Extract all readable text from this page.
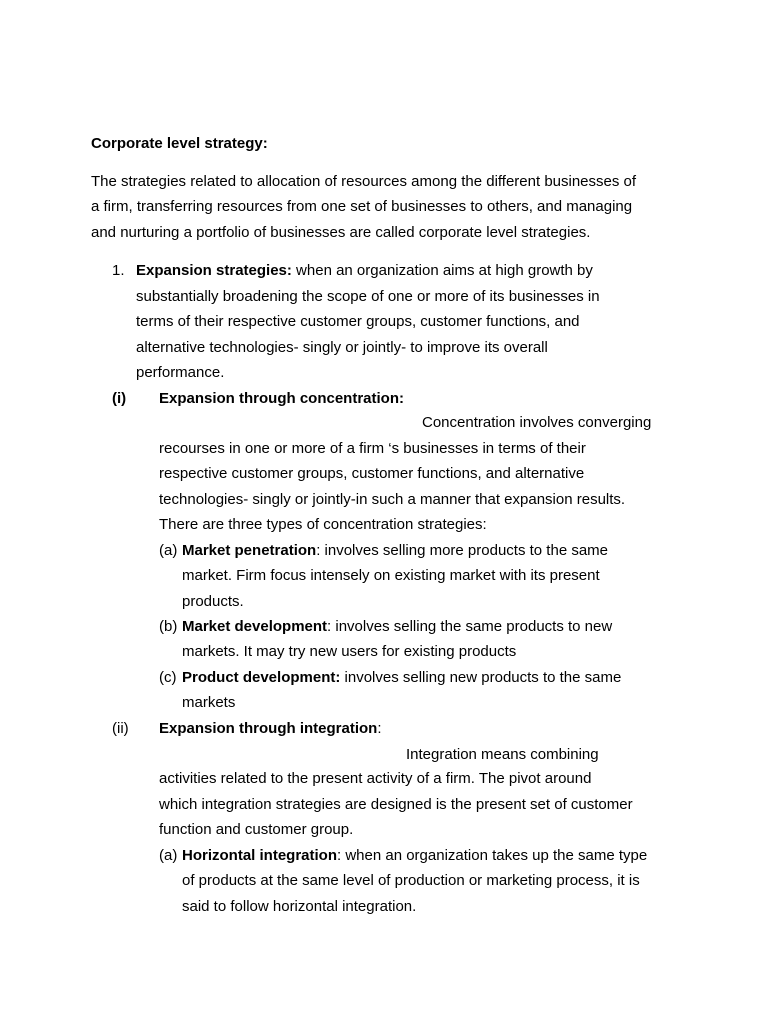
Corporate level strategy:
The strategies related to allocation of resources among the different businesses of
a firm, transferring resources from one set of businesses to others, and managing
and nurturing a portfolio of businesses are called corporate level strategies.
1. Expansion strategies: when an organization aims at high growth by
substantially broadening the scope of one or more of its businesses in
terms of their respective customer groups, customer functions, and
alternative technologies- singly or jointly- to improve its overall
performance.
(i) Expansion through concentration:
Concentration involves converging
recourses in one or more of a firm ‘s businesses in terms of their
respective customer groups, customer functions, and alternative
technologies- singly or jointly-in such a manner that expansion results.
There are three types of concentration strategies:
(a) Market penetration: involves selling more products to the same
market. Firm focus intensely on existing market with its present
products.
(b) Market development: involves selling the same products to new
markets. It may try new users for existing products
(c) Product development: involves selling new products to the same
markets
(ii) Expansion through integration:
Integration means combining
activities related to the present activity of a firm. The pivot around
which integration strategies are designed is the present set of customer
function and customer group.
(a) Horizontal integration: when an organization takes up the same type
of products at the same level of production or marketing process, it is
said to follow horizontal integration.
